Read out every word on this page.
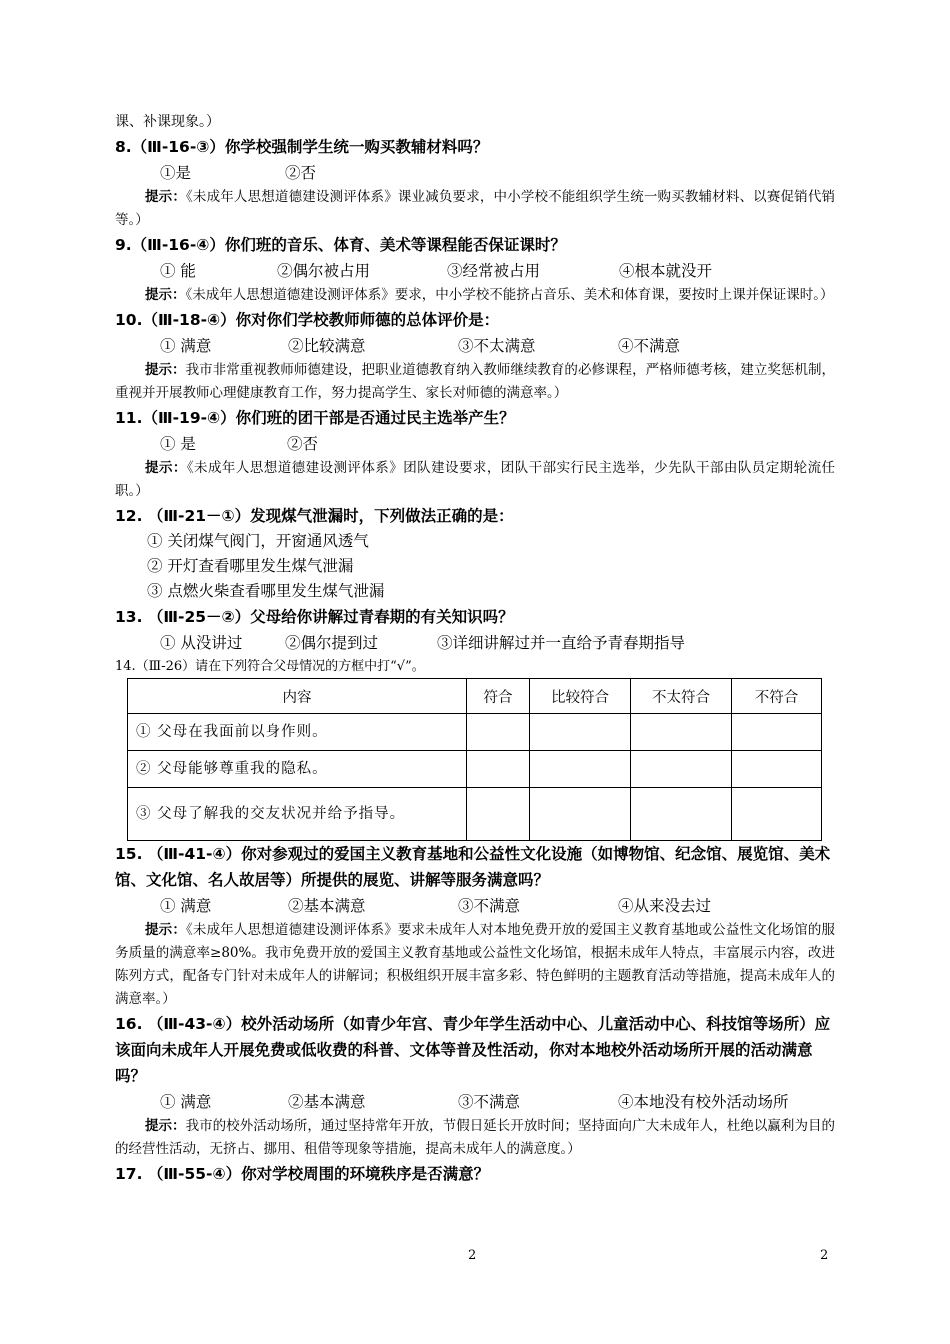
课、补课现象。）
8.（Ⅲ-16-③）你学校强制学生统一购买教辅材料吗？
①是	②否
提示：《未成年人思想道德建设测评体系》课业减负要求，中小学校不能组织学生统一购买教辅材料、以赛促销代销等。）
9.（Ⅲ-16-④）你们班的音乐、体育、美术等课程能否保证课时？
① 能	②偶尔被占用	③经常被占用	④根本就没开
提示：《未成年人思想道德建设测评体系》要求，中小学校不能挤占音乐、美术和体育课，要按时上课并保证课时。）
10.（Ⅲ-18-④）你对你们学校教师师德的总体评价是：
① 满意	②比较满意	③不太满意	④不满意
提示：我市非常重视教师师德建设，把职业道德教育纳入教师继续教育的必修课程，严格师德考核，建立奖惩机制，重视并开展教师心理健康教育工作，努力提高学生、家长对师德的满意率。）
11.（Ⅲ-19-④）你们班的团干部是否通过民主选举产生？
① 是	②否
提示：《未成年人思想道德建设测评体系》团队建设要求，团队干部实行民主选举，少先队干部由队员定期轮流任职。）
12. （Ⅲ-21－①）发现煤气泄漏时，下列做法正确的是：
① 关闭煤气阀门，开窗通风透气
② 开灯查看哪里发生煤气泄漏
③ 点燃火柴查看哪里发生煤气泄漏
13. （Ⅲ-25－②）父母给你讲解过青春期的有关知识吗？
① 从没讲过	②偶尔提到过	③详细讲解过并一直给予青春期指导
14.（Ⅲ-26）请在下列符合父母情况的方框中打“√”。
内容	符合	比较符合	不太符合	不符合
① 父母在我面前以身作则。				
② 父母能够尊重我的隐私。				
③ 父母了解我的交友状况并给予指导。				
15. （Ⅲ-41-④）你对参观过的爱国主义教育基地和公益性文化设施（如博物馆、纪念馆、展览馆、美术馆、文化馆、名人故居等）所提供的展览、讲解等服务满意吗？
① 满意	②基本满意	③不满意	④从来没去过
提示：《未成年人思想道德建设测评体系》要求未成年人对本地免费开放的爱国主义教育基地或公益性文化场馆的服务质量的满意率≥80%。我市免费开放的爱国主义教育基地或公益性文化场馆，根据未成年人特点，丰富展示内容，改进陈列方式，配备专门针对未成年人的讲解词；积极组织开展丰富多彩、特色鲜明的主题教育活动等措施，提高未成年人的满意率。）
16. （Ⅲ-43-④）校外活动场所（如青少年宫、青少年学生活动中心、儿童活动中心、科技馆等场所）应该面向未成年人开展免费或低收费的科普、文体等普及性活动，你对本地校外活动场所开展的活动满意吗？
① 满意	②基本满意	③不满意	④本地没有校外活动场所
提示：我市的校外活动场所，通过坚持常年开放，节假日延长开放时间；坚持面向广大未成年人，杜绝以赢利为目的的经营性活动，无挤占、挪用、租借等现象等措施，提高未成年人的满意度。）
17. （Ⅲ-55-④）你对学校周围的环境秩序是否满意？
2	2
